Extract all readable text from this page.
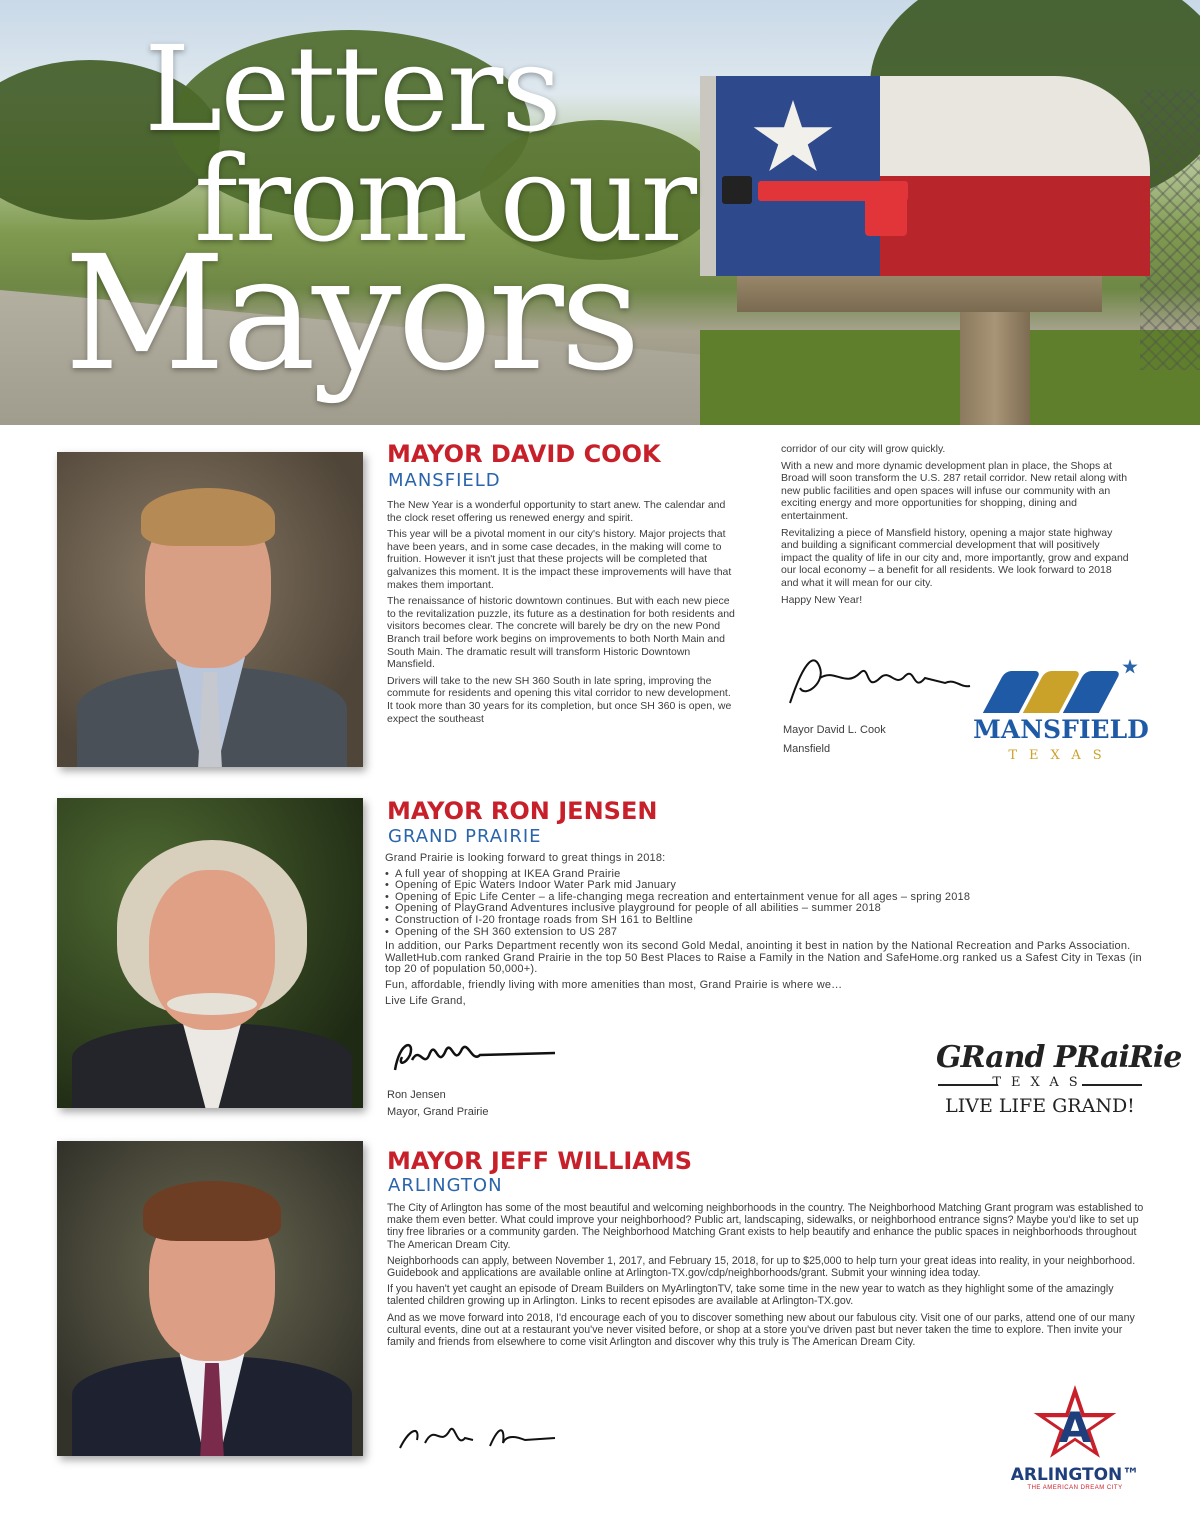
Letters
from our
Mayors
MAYOR DAVID COOK
MANSFIELD

The New Year is a wonderful opportunity to start anew. The calendar and the clock reset offering us renewed energy and spirit.

This year will be a pivotal moment in our city's history. Major projects that have been years, and in some case decades, in the making will come to fruition. However it isn't just that these projects will be completed that galvanizes this moment. It is the impact these improvements will have that makes them important.

The renaissance of historic downtown continues. But with each new piece to the revitalization puzzle, its future as a destination for both residents and visitors becomes clear. The concrete will barely be dry on the new Pond Branch trail before work begins on improvements to both North Main and South Main. The dramatic result will transform Historic Downtown Mansfield.

Drivers will take to the new SH 360 South in late spring, improving the commute for residents and opening this vital corridor to new development. It took more than 30 years for its completion, but once SH 360 is open, we expect the southeast

corridor of our city will grow quickly.

With a new and more dynamic development plan in place, the Shops at Broad will soon transform the U.S. 287 retail corridor. New retail along with new public facilities and open spaces will infuse our community with an exciting energy and more opportunities for shopping, dining and entertainment.

Revitalizing a piece of Mansfield history, opening a major state highway and building a significant commercial development that will positively impact the quality of life in our city and, more importantly, grow and expand our local economy – a benefit for all residents. We look forward to 2018 and what it will mean for our city.

Happy New Year!

Mayor David L. Cook
Mansfield
MANSFIELD
TEXAS
MAYOR RON JENSEN
GRAND PRAIRIE

Grand Prairie is looking forward to great things in 2018:

• A full year of shopping at IKEA Grand Prairie
• Opening of Epic Waters Indoor Water Park mid January
• Opening of Epic Life Center – a life-changing mega recreation and entertainment venue for all ages – spring 2018
• Opening of PlayGrand Adventures inclusive playground for people of all abilities – summer 2018
• Construction of I-20 frontage roads from SH 161 to Beltline
• Opening of the SH 360 extension to US 287

In addition, our Parks Department recently won its second Gold Medal, anointing it best in nation by the National Recreation and Parks Association. WalletHub.com ranked Grand Prairie in the top 50 Best Places to Raise a Family in the Nation and SafeHome.org ranked us a Safest City in Texas (in top 20 of population 50,000+).

Fun, affordable, friendly living with more amenities than most, Grand Prairie is where we…

Live Life Grand,

Ron Jensen
Mayor, Grand Prairie
GRand PRaiRie
TEXAS
LIVE LIFE GRAND!
MAYOR JEFF WILLIAMS
ARLINGTON

The City of Arlington has some of the most beautiful and welcoming neighborhoods in the country. The Neighborhood Matching Grant program was established to make them even better. What could improve your neighborhood? Public art, landscaping, sidewalks, or neighborhood entrance signs? Maybe you'd like to set up tiny free libraries or a community garden. The Neighborhood Matching Grant exists to help beautify and enhance the public spaces in neighborhoods throughout The American Dream City.

Neighborhoods can apply, between November 1, 2017, and February 15, 2018, for up to $25,000 to help turn your great ideas into reality, in your neighborhood. Guidebook and applications are available online at Arlington-TX.gov/cdp/neighborhoods/grant. Submit your winning idea today.

If you haven't yet caught an episode of Dream Builders on MyArlingtonTV, take some time in the new year to watch as they highlight some of the amazingly talented children growing up in Arlington. Links to recent episodes are available at Arlington-TX.gov.

And as we move forward into 2018, I'd encourage each of you to discover something new about our fabulous city. Visit one of our parks, attend one of our many cultural events, dine out at a restaurant you've never visited before, or shop at a store you've driven past but never taken the time to explore. Then invite your family and friends from elsewhere to come visit Arlington and discover why this truly is The American Dream City.

A
ARLINGTON™
THE AMERICAN DREAM CITY
